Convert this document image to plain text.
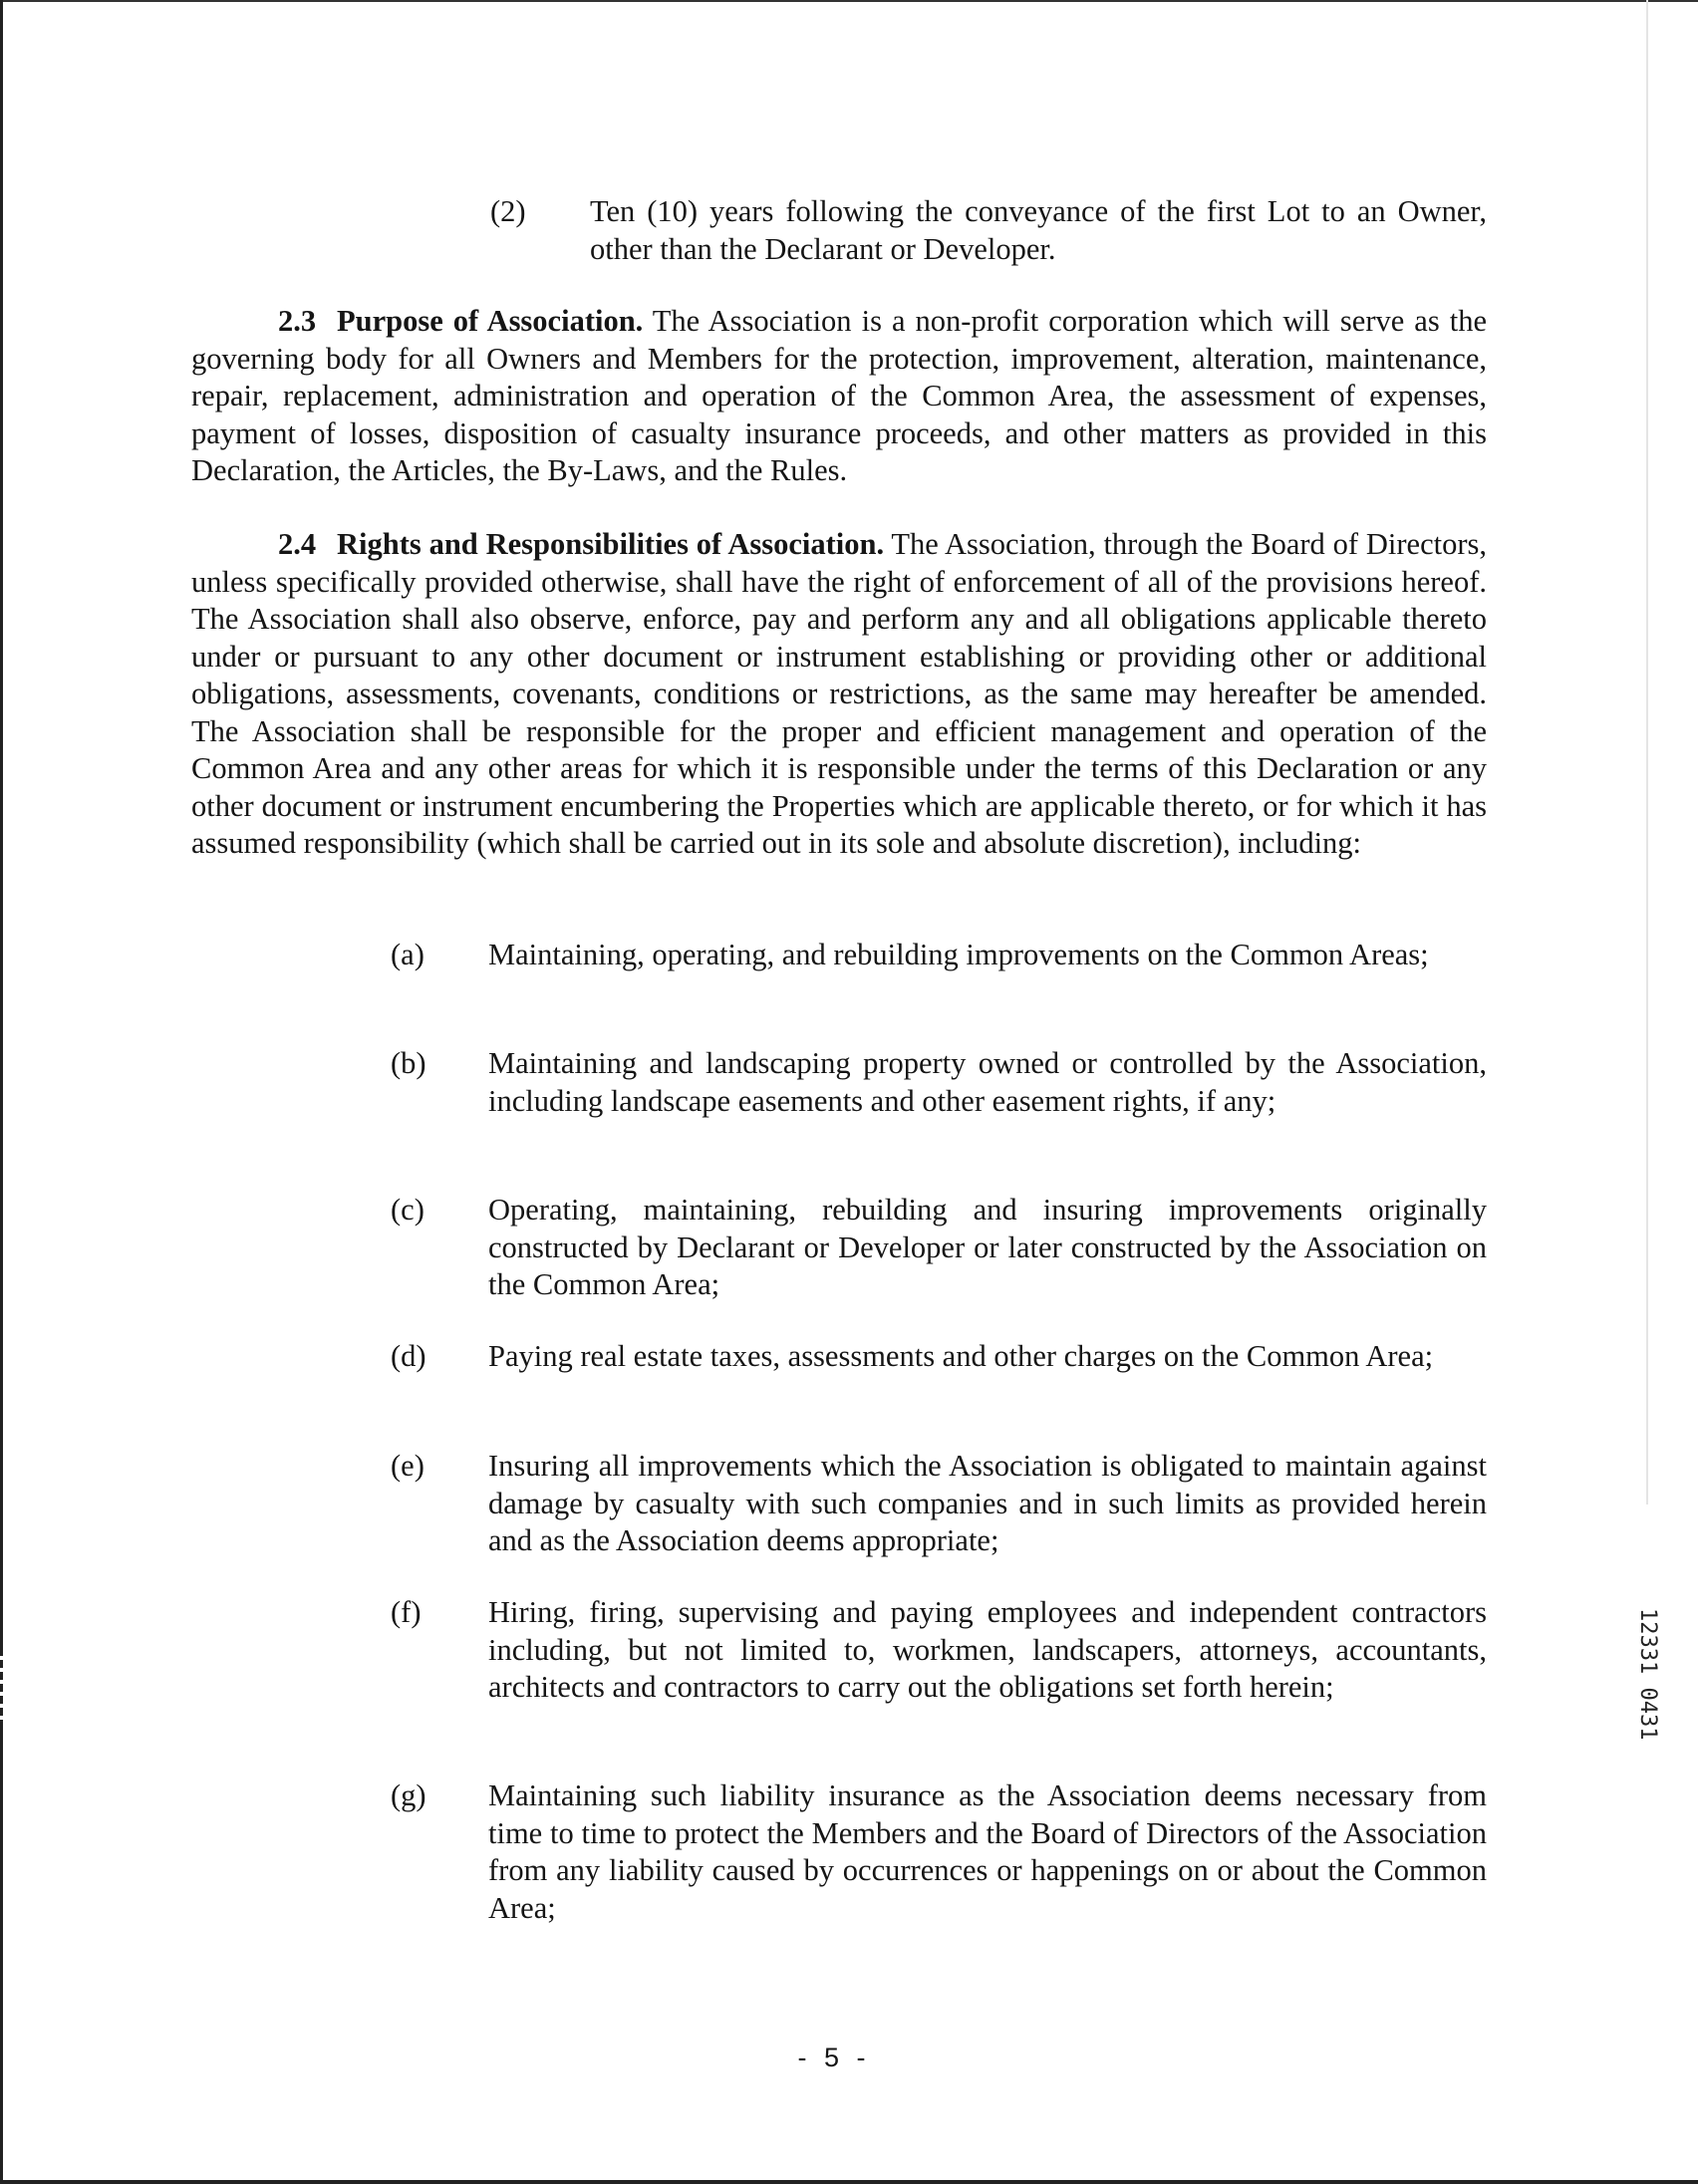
(2) Ten (10) years following the conveyance of the first Lot to an Owner, other than the Declarant or Developer.
2.3 Purpose of Association. The Association is a non-profit corporation which will serve as the governing body for all Owners and Members for the protection, improvement, alteration, maintenance, repair, replacement, administration and operation of the Common Area, the assessment of expenses, payment of losses, disposition of casualty insurance proceeds, and other matters as provided in this Declaration, the Articles, the By-Laws, and the Rules.
2.4 Rights and Responsibilities of Association. The Association, through the Board of Directors, unless specifically provided otherwise, shall have the right of enforcement of all of the provisions hereof. The Association shall also observe, enforce, pay and perform any and all obligations applicable thereto under or pursuant to any other document or instrument establishing or providing other or additional obligations, assessments, covenants, conditions or restrictions, as the same may hereafter be amended. The Association shall be responsible for the proper and efficient management and operation of the Common Area and any other areas for which it is responsible under the terms of this Declaration or any other document or instrument encumbering the Properties which are applicable thereto, or for which it has assumed responsibility (which shall be carried out in its sole and absolute discretion), including:
(a) Maintaining, operating, and rebuilding improvements on the Common Areas;
(b) Maintaining and landscaping property owned or controlled by the Association, including landscape easements and other easement rights, if any;
(c) Operating, maintaining, rebuilding and insuring improvements originally constructed by Declarant or Developer or later constructed by the Association on the Common Area;
(d) Paying real estate taxes, assessments and other charges on the Common Area;
(e) Insuring all improvements which the Association is obligated to maintain against damage by casualty with such companies and in such limits as provided herein and as the Association deems appropriate;
(f) Hiring, firing, supervising and paying employees and independent contractors including, but not limited to, workmen, landscapers, attorneys, accountants, architects and contractors to carry out the obligations set forth herein;
(g) Maintaining such liability insurance as the Association deems necessary from time to time to protect the Members and the Board of Directors of the Association from any liability caused by occurrences or happenings on or about the Common Area;
12331 0431
- 5 -
